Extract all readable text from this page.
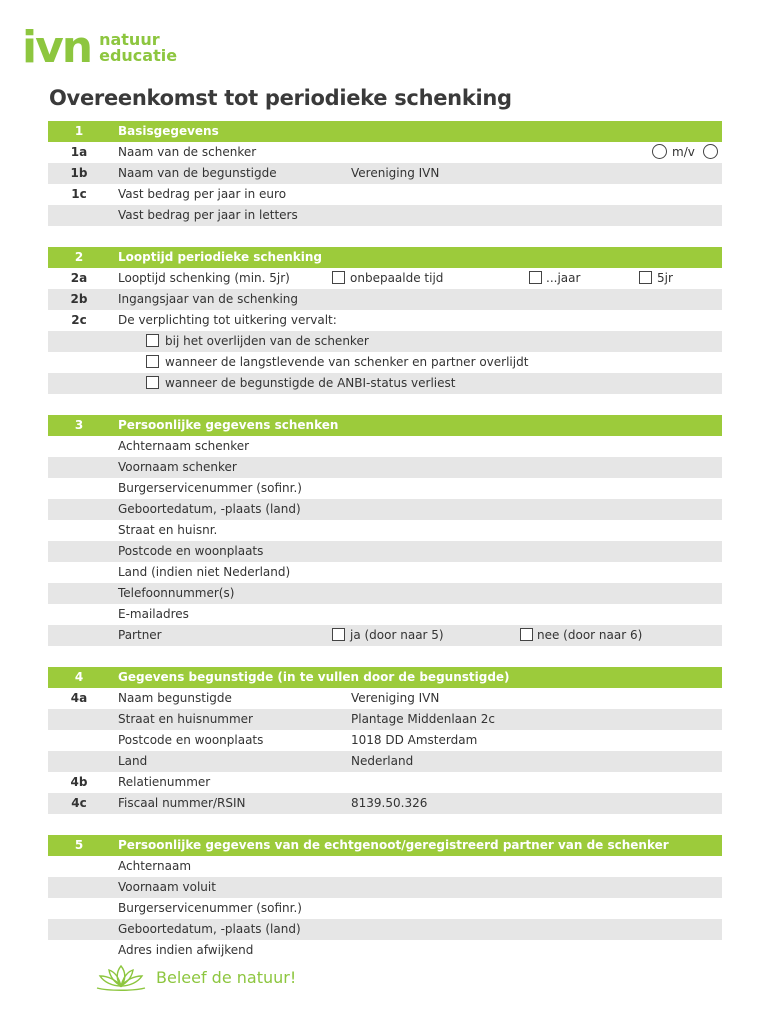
ivn natuur
educatie
Overeenkomst tot periodieke schenking
1	Basisgegevens
1a	Naam van de schenker	m/v
1b	Naam van de begunstigde	Vereniging IVN
1c	Vast bedrag per jaar in euro
Vast bedrag per jaar in letters
2	Looptijd periodieke schenking
2a	Looptijd schenking (min. 5jr)	onbepaalde tijd	...jaar	5jr
2b	Ingangsjaar van de schenking
2c	De verplichting tot uitkering vervalt:
bij het overlijden van de schenker
wanneer de langstlevende van schenker en partner overlijdt
wanneer de begunstigde de ANBI-status verliest
3	Persoonlijke gegevens schenken
Achternaam schenker
Voornaam schenker
Burgerservicenummer (sofinr.)
Geboortedatum, -plaats (land)
Straat en huisnr.
Postcode en woonplaats
Land (indien niet Nederland)
Telefoonnummer(s)
E-mailadres
Partner	ja (door naar 5)	nee (door naar 6)
4	Gegevens begunstigde (in te vullen door de begunstigde)
4a	Naam begunstigde	Vereniging IVN
Straat en huisnummer	Plantage Middenlaan 2c
Postcode en woonplaats	1018 DD Amsterdam
Land	Nederland
4b	Relatienummer
4c	Fiscaal nummer/RSIN	8139.50.326
5	Persoonlijke gegevens van de echtgenoot/geregistreerd partner van de schenker
Achternaam
Voornaam voluit
Burgerservicenummer (sofinr.)
Geboortedatum, -plaats (land)
Adres indien afwijkend
Beleef de natuur!
